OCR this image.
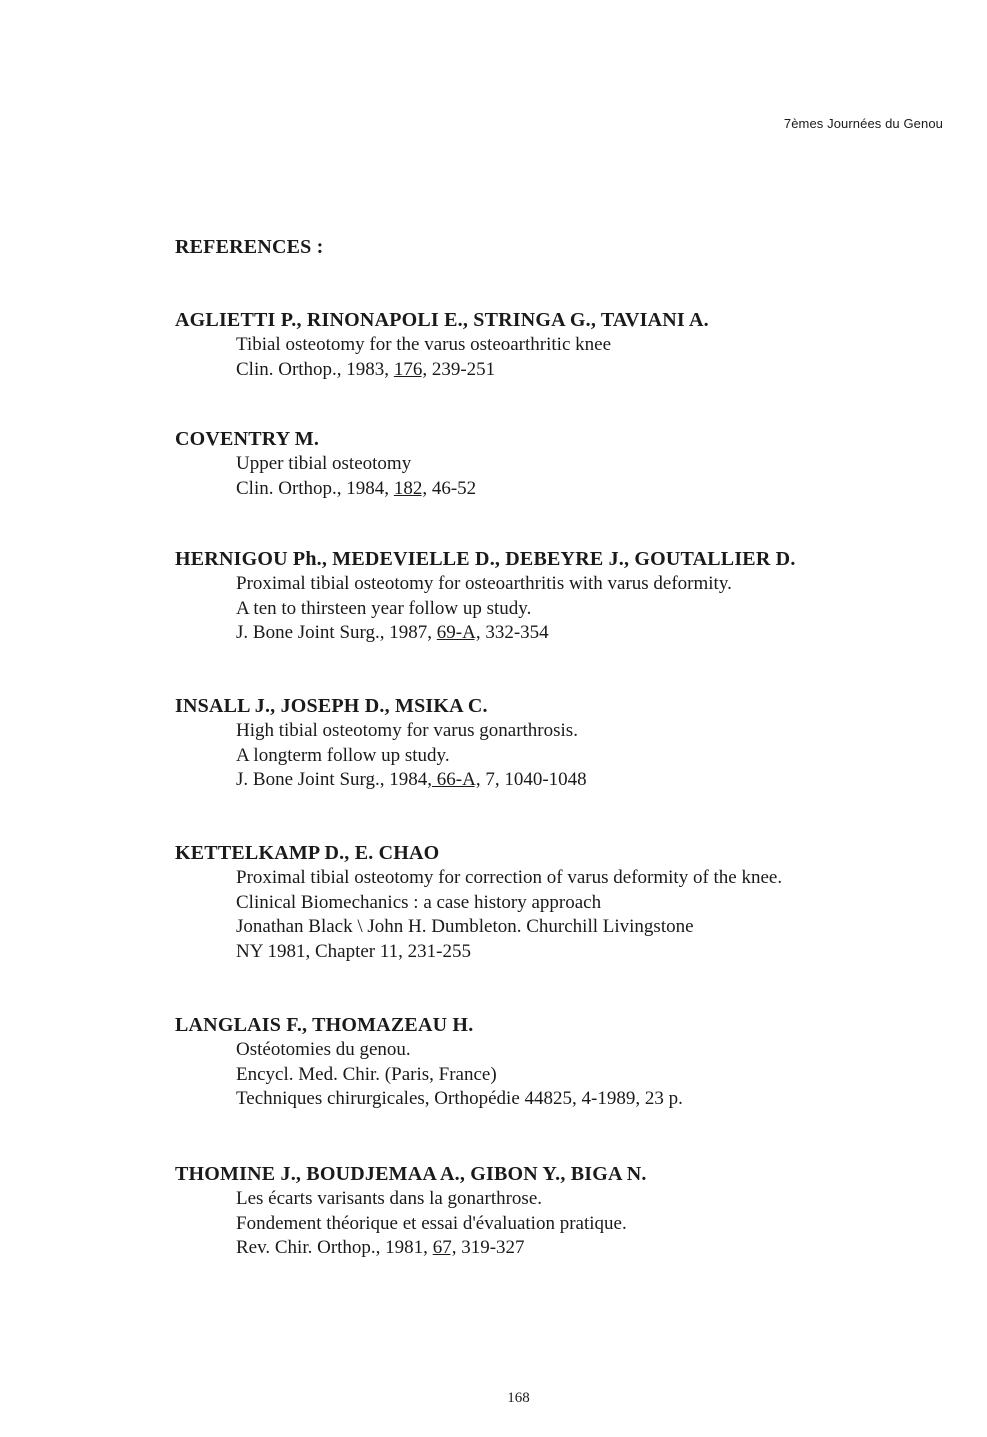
7èmes Journées du Genou
REFERENCES :
AGLIETTI P., RINONAPOLI E., STRINGA G., TAVIANI A.
Tibial osteotomy for the varus osteoarthritic knee
Clin. Orthop., 1983, 176, 239-251
COVENTRY M.
Upper tibial osteotomy
Clin. Orthop., 1984, 182, 46-52
HERNIGOU Ph., MEDEVIELLE D., DEBEYRE J., GOUTALLIER D.
Proximal tibial osteotomy for osteoarthritis with varus deformity.
A ten to thirsteen year follow up study.
J. Bone Joint Surg., 1987, 69-A, 332-354
INSALL J., JOSEPH D., MSIKA C.
High tibial osteotomy for varus gonarthrosis.
A longterm follow up study.
J. Bone Joint Surg., 1984, 66-A, 7, 1040-1048
KETTELKAMP D., E. CHAO
Proximal tibial osteotomy for correction of varus deformity of the knee.
Clinical Biomechanics : a case history approach
Jonathan Black \ John H. Dumbleton. Churchill Livingstone
NY 1981, Chapter 11, 231-255
LANGLAIS F., THOMAZEAU H.
Ostéotomies du genou.
Encycl. Med. Chir. (Paris, France)
Techniques chirurgicales, Orthopédie 44825, 4-1989, 23 p.
THOMINE J., BOUDJEMAA A., GIBON Y., BIGA N.
Les écarts varisants dans la gonarthrose.
Fondement théorique et essai d'évaluation pratique.
Rev. Chir. Orthop., 1981, 67, 319-327
168
